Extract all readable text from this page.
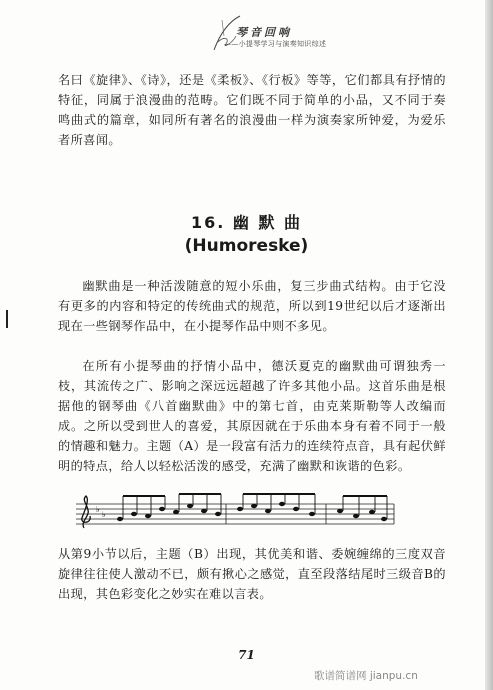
琴音回响
——小提琴学习与演奏知识综述

名曰《旋律》、《诗》，还是《柔板》、《行板》等等，它们都具有抒情的特征，同属于浪漫曲的范畴。它们既不同于简单的小品，又不同于奏鸣曲式的篇章，如同所有著名的浪漫曲一样为演奏家所钟爱，为爱乐者所喜闻。

16. 幽 默 曲
(Humoreske)

幽默曲是一种活泼随意的短小乐曲，复三步曲式结构。由于它没有更多的内容和特定的传统曲式的规范，所以到19世纪以后才逐渐出现在一些钢琴作品中，在小提琴作品中则不多见。

在所有小提琴曲的抒情小品中，德沃夏克的幽默曲可谓独秀一枝，其流传之广、影响之深远远超越了许多其他小品。这首乐曲是根据他的钢琴曲《八首幽默曲》中的第七首，由克莱斯勒等人改编而成。之所以受到世人的喜爱，其原因就在于乐曲本身有着不同于一般的情趣和魅力。主题（A）是一段富有活力的连续符点音，具有起伏鲜明的特点，给人以轻松活泼的感受，充满了幽默和诙谐的色彩。

♭
♭

从第9小节以后，主题（B）出现，其优美和谐、委婉缠绵的三度双音旋律往往使人激动不已，颇有揪心之感觉，直至段落结尾时三级音B的出现，其色彩变化之妙实在难以言表。

71
歌谱简谱网 jianpu.cn
